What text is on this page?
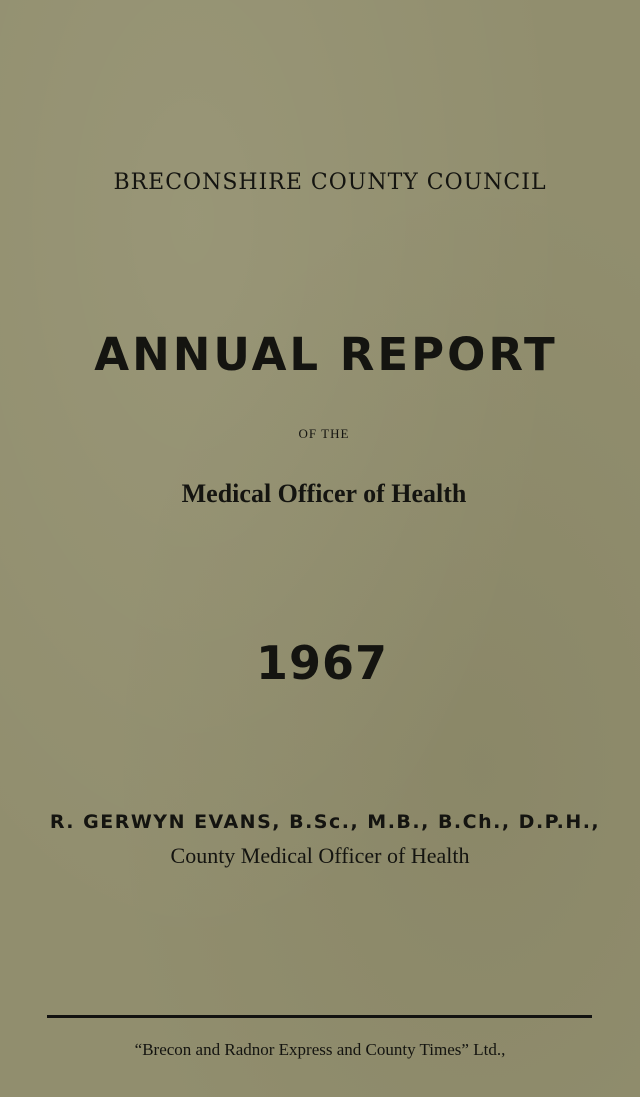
BRECONSHIRE COUNTY COUNCIL
ANNUAL REPORT
OF THE
Medical Officer of Health
1967
R. GERWYN EVANS, B.Sc., M.B., B.Ch., D.P.H.,
County Medical Officer of Health
“Brecon and Radnor Express and County Times” Ltd.,
